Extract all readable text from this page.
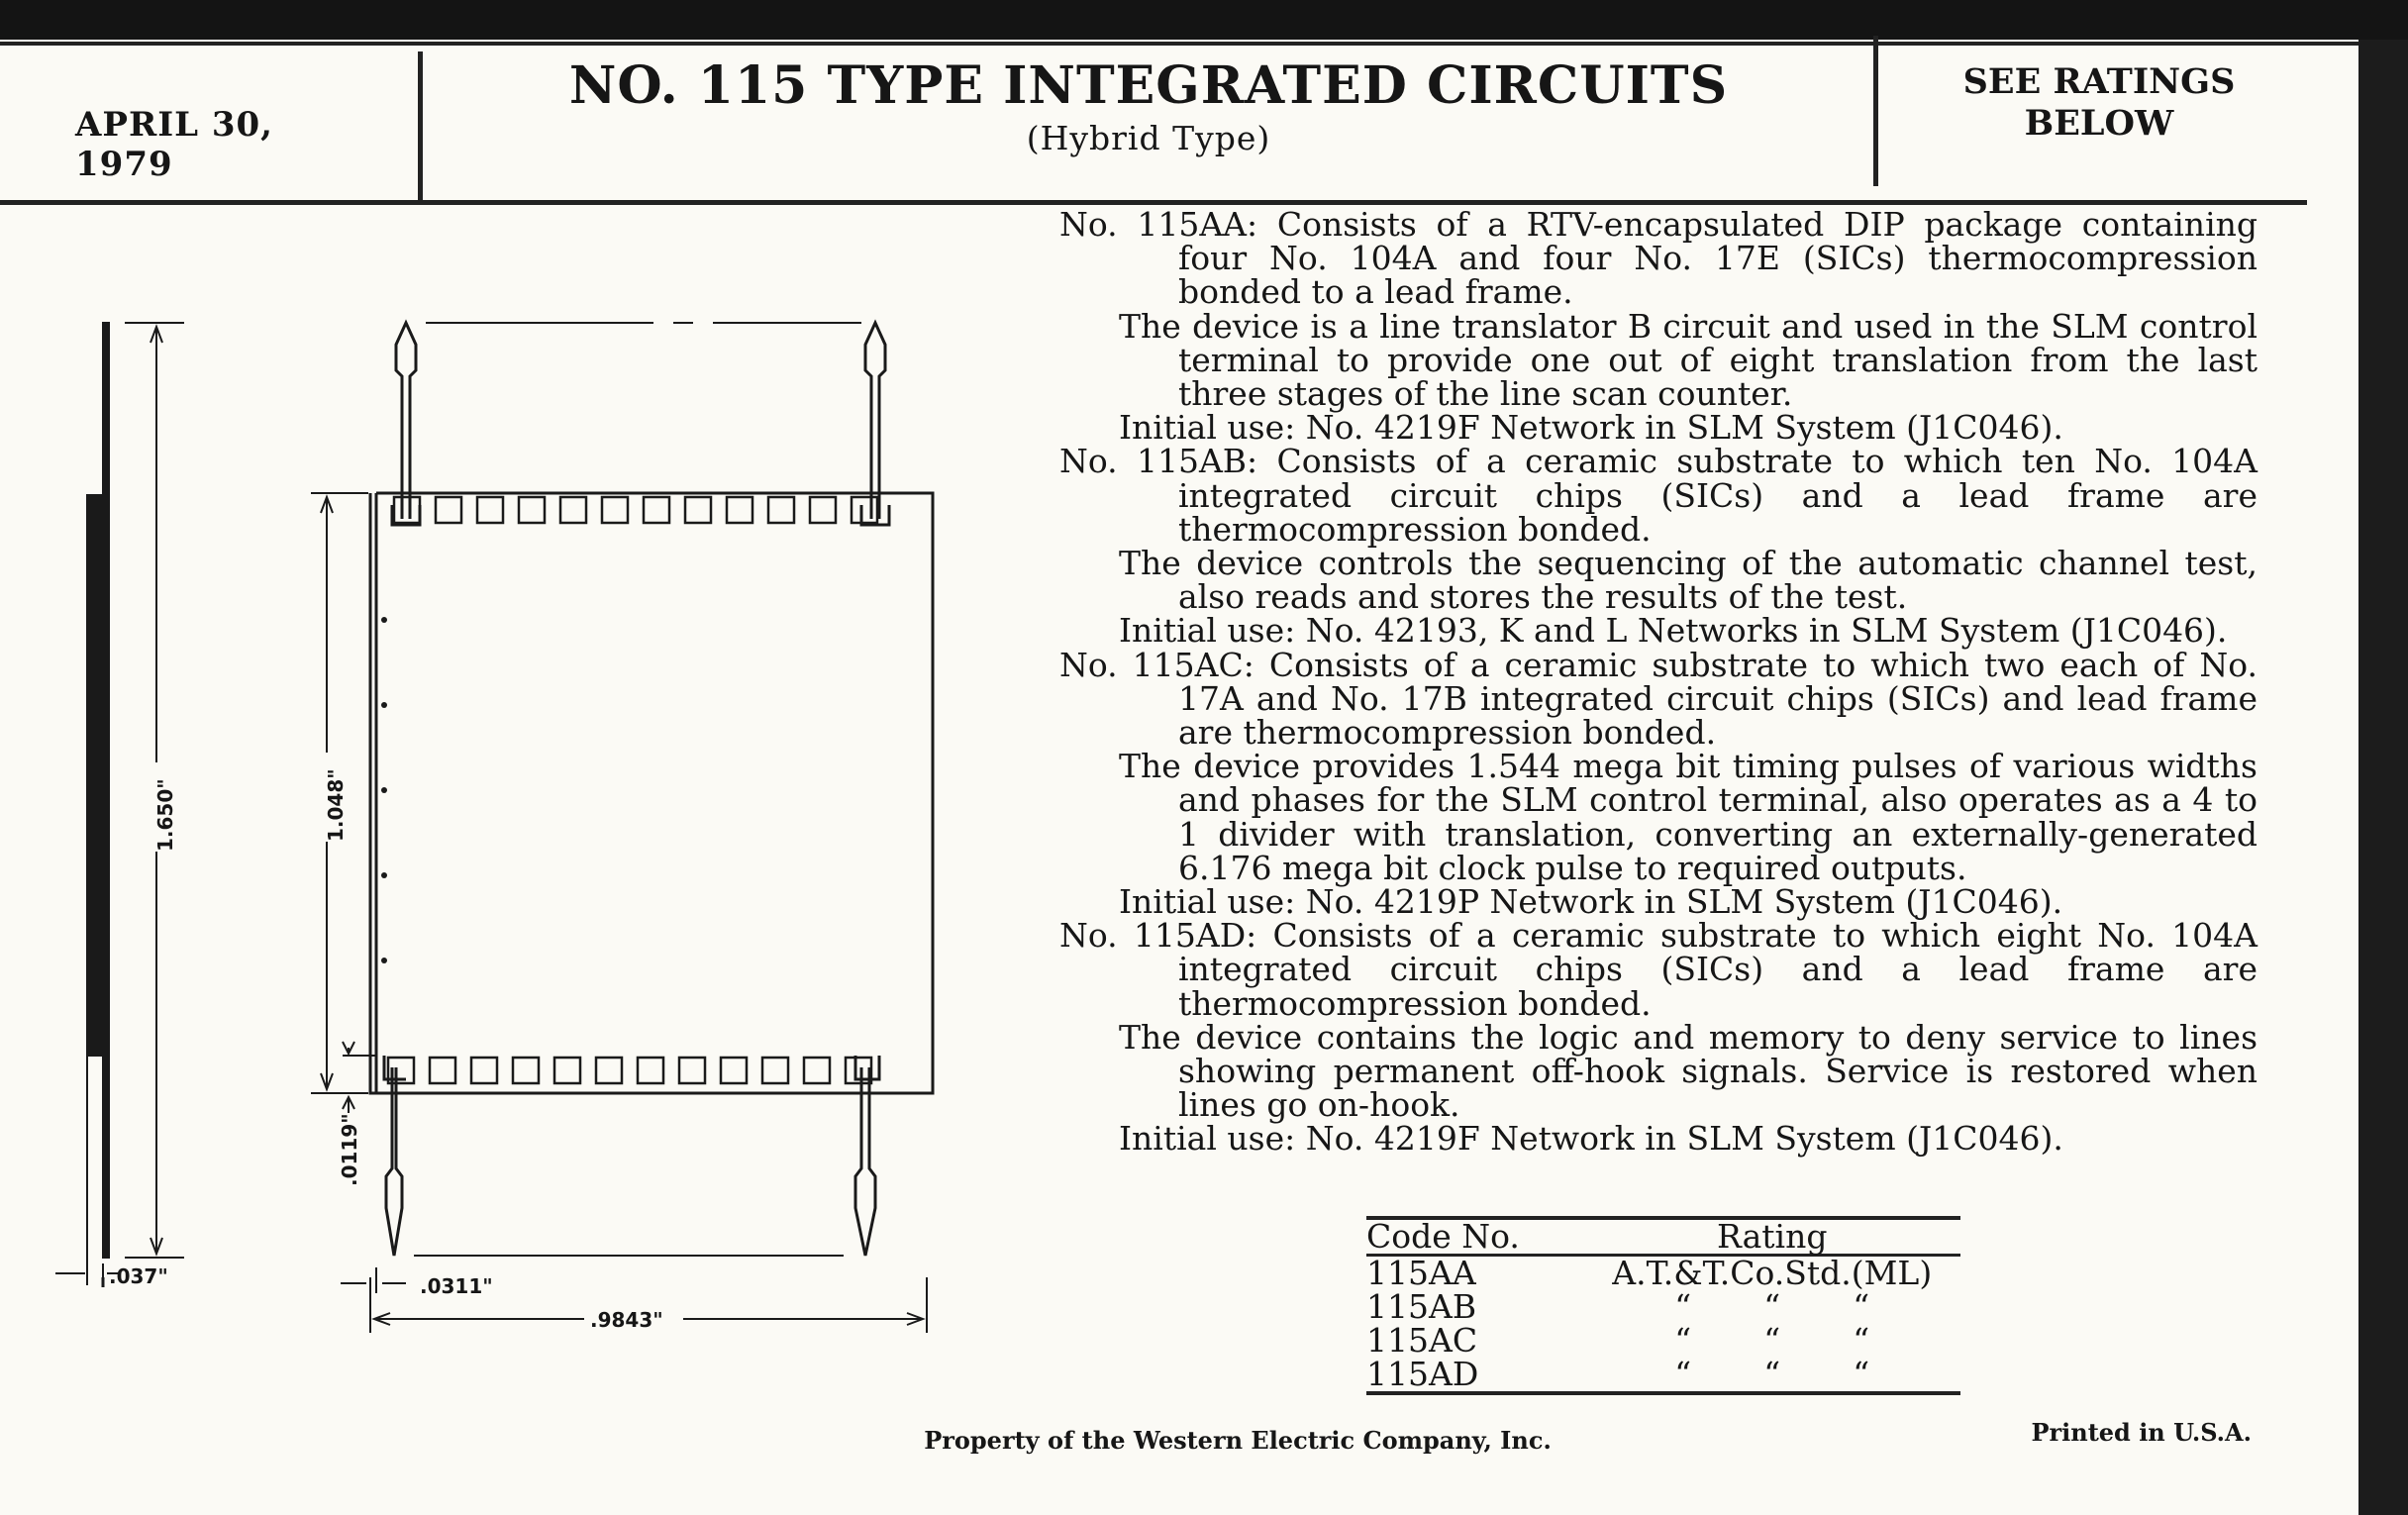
APRIL 30, 1979
NO. 115 TYPE INTEGRATED CIRCUITS
(Hybrid Type)
SEE RATINGS
BELOW
1.650"	1.048"
.0119"
.037"	.0311"
.9843"
No. 115AA: Consists of a RTV-encapsulated DIP package containing four No. 104A and four No. 17E (SICs) thermocompression bonded to a lead frame.
The device is a line translator B circuit and used in the SLM control terminal to provide one out of eight translation from the last three stages of the line scan counter.
Initial use: No. 4219F Network in SLM System (J1C046).
No. 115AB: Consists of a ceramic substrate to which ten No. 104A integrated circuit chips (SICs) and a lead frame are thermocompression bonded.
The device controls the sequencing of the automatic channel test, also reads and stores the results of the test.
Initial use: No. 42193, K and L Networks in SLM System (J1C046).
No. 115AC: Consists of a ceramic substrate to which two each of No. 17A and No. 17B integrated circuit chips (SICs) and lead frame are thermocompression bonded.
The device provides 1.544 mega bit timing pulses of various widths and phases for the SLM control terminal, also operates as a 4 to 1 divider with translation, converting an externally-generated 6.176 mega bit clock pulse to required outputs.
Initial use: No. 4219P Network in SLM System (J1C046).
No. 115AD: Consists of a ceramic substrate to which eight No. 104A integrated circuit chips (SICs) and a lead frame are thermocompression bonded.
The device contains the logic and memory to deny service to lines showing permanent off-hook signals. Service is restored when lines go on-hook.
Initial use: No. 4219F Network in SLM System (J1C046).
Code No.	Rating
115AA	A.T.&T.Co.Std.(ML)
115AB	“ “ “
115AC	“ “ “
115AD	“ “ “
Property of the Western Electric Company, Inc.	Printed in U.S.A.
